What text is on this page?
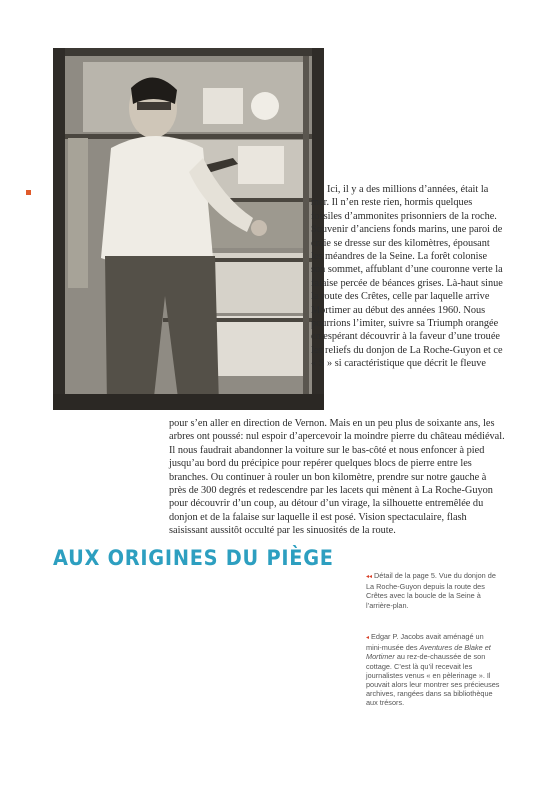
Ici, il y a des millions d’années, était la mer. Il n’en reste rien, hormis quelques fossiles d’ammonites prisonniers de la roche. Souvenir d’anciens fonds marins, une paroi de craie se dresse sur des kilomètres, épousant les méandres de la Seine. La forêt colonise son sommet, affublant d’une couronne verte la falaise percée de béances grises. Là-haut sinue la route des Crêtes, celle par laquelle arrive Mortimer au début des années 1960. Nous pourrions l’imiter, suivre sa Triumph orangée en espérant découvrir à la faveur d’une trouée les reliefs du donjon de La Roche-Guyon et ce « S » si caractéristique que décrit le fleuve

pour s’en aller en direction de Vernon. Mais en un peu plus de soixante ans, les arbres ont poussé: nul espoir d’apercevoir la moindre pierre du château médiéval. Il nous faudrait abandonner la voiture sur le bas-côté et nous enfoncer à pied jusqu’au bord du précipice pour repérer quelques blocs de pierre entre les branches. Ou continuer à rouler un bon kilomètre, prendre sur notre gauche à près de 300 degrés et redescendre par les lacets qui mènent à La Roche-Guyon pour découvrir d’un coup, au détour d’un virage, la silhouette entremêlée du donjon et de la falaise sur laquelle il est posé. Vision spectaculaire, flash saisissant aussitôt occulté par les sinuosités de la route.

AUX ORIGINES DU PIÈGE

◂◂ Détail de la page 5. Vue du donjon de La Roche-Guyon depuis la route des Crêtes avec la boucle de la Seine à l’arrière-plan.

◂ Edgar P. Jacobs avait aménagé un mini-musée des Aventures de Blake et Mortimer au rez-de-chaussée de son cottage. C’est là qu’il recevait les journalistes venus « en pèlerinage ». Il pouvait alors leur montrer ses précieuses archives, rangées dans sa bibliothèque aux trésors.
